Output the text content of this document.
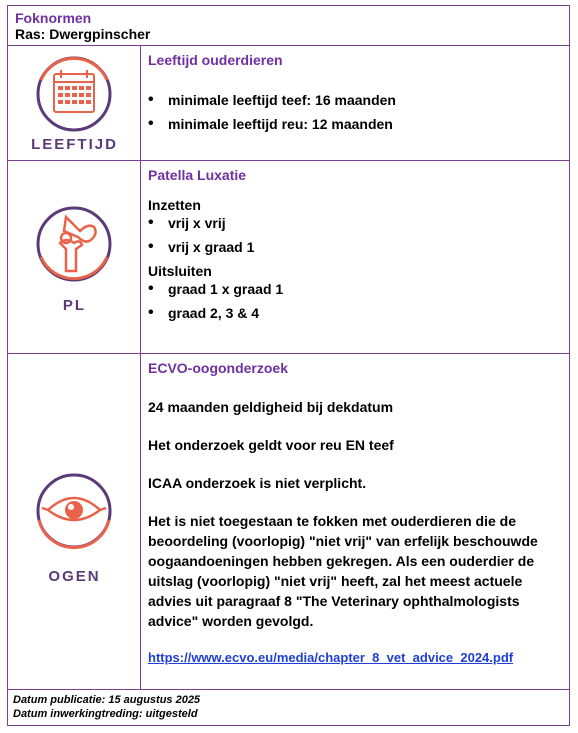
Foknormen
Ras: Dwergpinscher
LEEFTIJD
Leeftijd ouderdieren
• minimale leeftijd teef: 16 maanden
• minimale leeftijd reu: 12 maanden
PL
Patella Luxatie
Inzetten
• vrij x vrij
• vrij x graad 1
Uitsluiten
• graad 1 x graad 1
• graad 2, 3 & 4
OGEN
ECVO-oogonderzoek
24 maanden geldigheid bij dekdatum
Het onderzoek geldt voor reu EN teef
ICAA onderzoek is niet verplicht.
Het is niet toegestaan te fokken met ouderdieren die de beoordeling (voorlopig) "niet vrij" van erfelijk beschouwde oogaandoeningen hebben gekregen. Als een ouderdier de uitslag (voorlopig) "niet vrij" heeft, zal het meest actuele advies uit paragraaf 8 "The Veterinary ophthalmologists advice" worden gevolgd.
https://www.ecvo.eu/media/chapter_8_vet_advice_2024.pdf
Datum publicatie: 15 augustus 2025
Datum inwerkingtreding: uitgesteld
